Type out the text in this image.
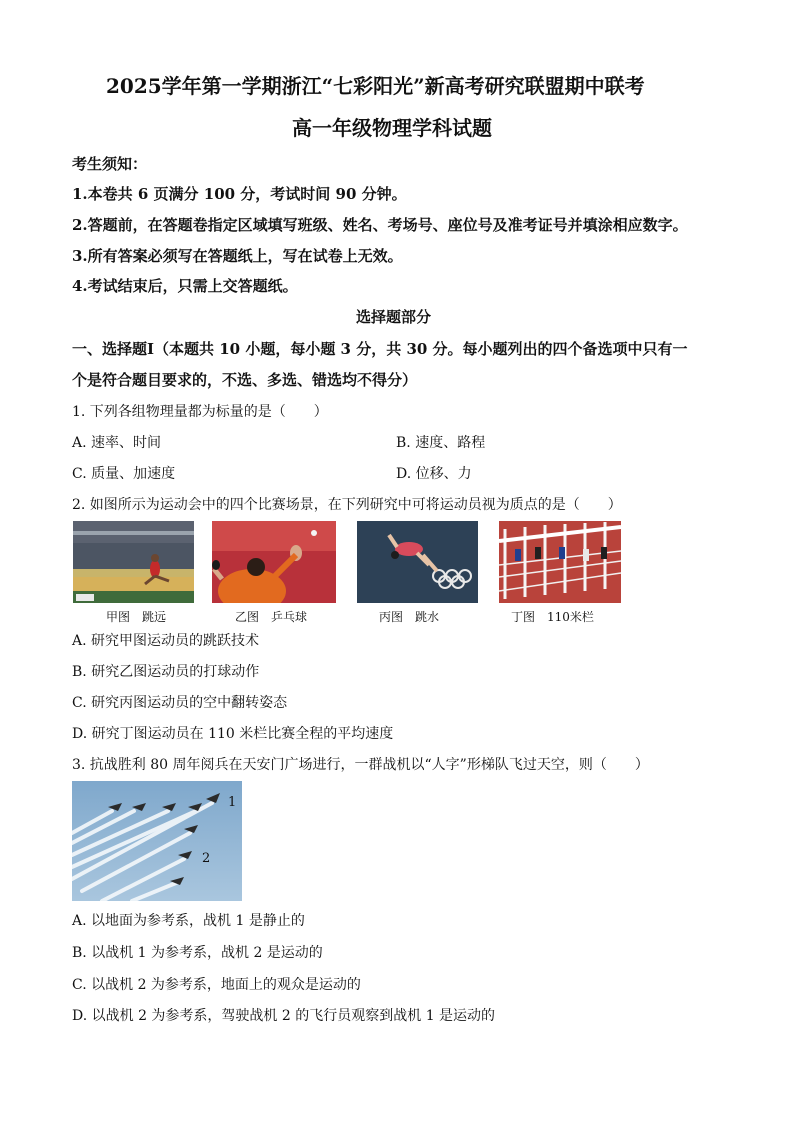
2025学年第一学期浙江“七彩阳光”新高考研究联盟期中联考
高一年级物理学科试题
考生须知：
1.本卷共 6 页满分 100 分，考试时间 90 分钟。
2.答题前，在答题卷指定区域填写班级、姓名、考场号、座位号及准考证号并填涂相应数字。
3.所有答案必须写在答题纸上，写在试卷上无效。
4.考试结束后，只需上交答题纸。
选择题部分
一、选择题Ⅰ（本题共 10 小题，每小题 3 分，共 30 分。每小题列出的四个备选项中只有一
个是符合题目要求的，不选、多选、错选均不得分）
1. 下列各组物理量都为标量的是（　　）
A. 速率、时间	B. 速度、路程
C. 质量、加速度	D. 位移、力
2. 如图所示为运动会中的四个比赛场景，在下列研究中可将运动员视为质点的是（　　）
甲图　跳远	乙图　乒乓球	丙图　跳水	丁图　110米栏
A. 研究甲图运动员的跳跃技术
B. 研究乙图运动员的打球动作
C. 研究丙图运动员的空中翻转姿态
D. 研究丁图运动员在 110 米栏比赛全程的平均速度
3. 抗战胜利 80 周年阅兵在天安门广场进行，一群战机以“人字”形梯队飞过天空，则（　　）
1
2
A. 以地面为参考系，战机 1 是静止的
B. 以战机 1 为参考系，战机 2 是运动的
C. 以战机 2 为参考系，地面上的观众是运动的
D. 以战机 2 为参考系，驾驶战机 2 的飞行员观察到战机 1 是运动的
